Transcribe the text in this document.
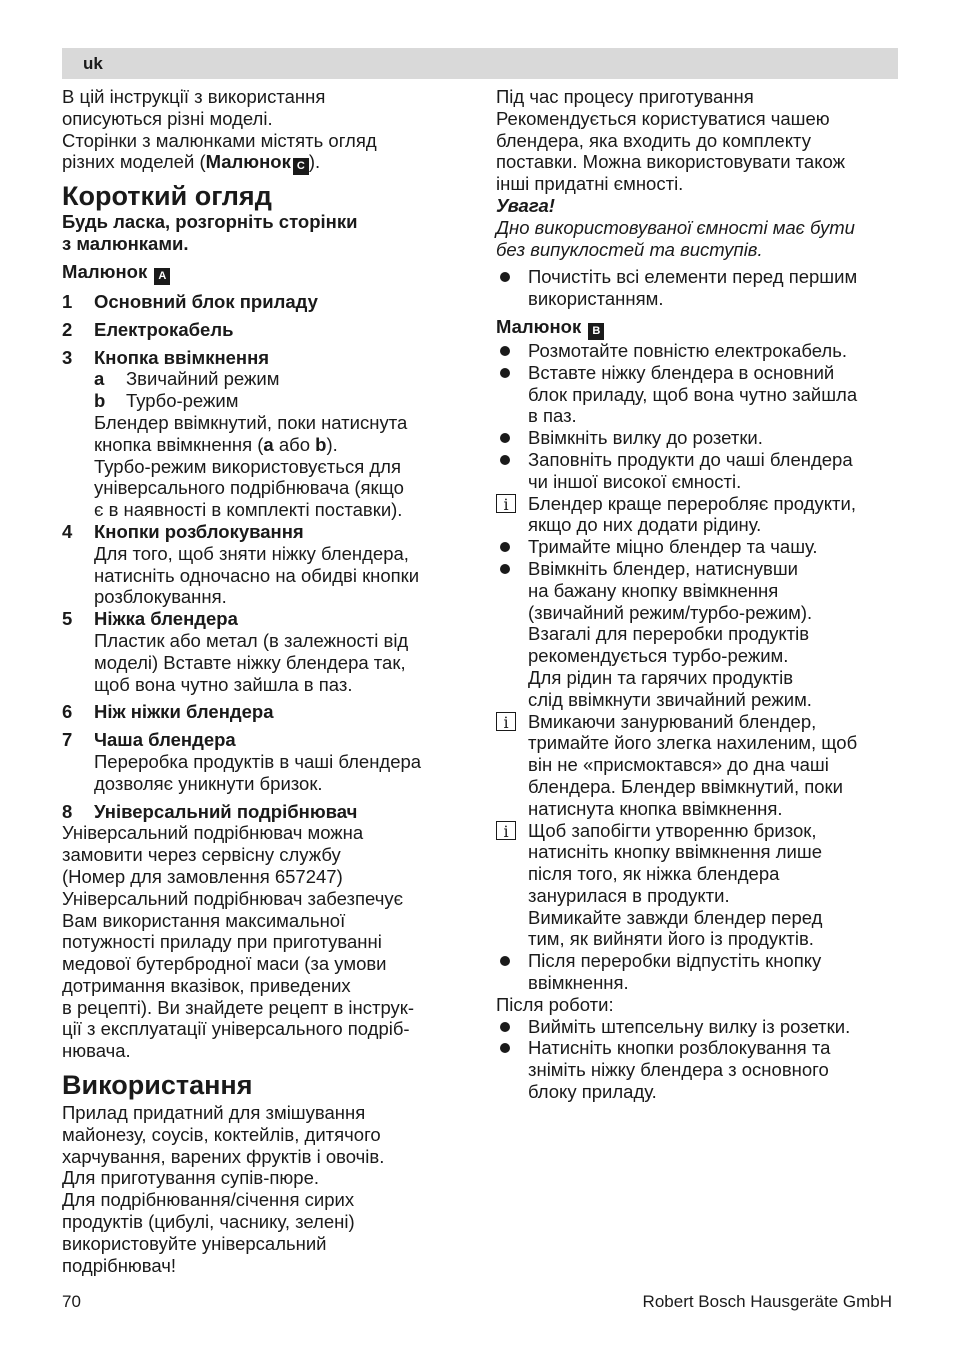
uk

В цій інструкції з використання

описуються різні моделі.

Сторінки з малюнками містять огляд

різних моделей (Малюнок C ).

Короткий огляд

Будь ласка, розгорніть сторінки

з малюнками.

Малюнок A

1	Основний блок приладу
2	Електрокабель
3	Кнопка ввімкнення
a	Звичайний режим
b	Турбо-режим

Блендер ввімкнутий, поки натиснута

кнопка ввімкнення (a або b).

Турбо-режим використовується для

універсального подрібнювача (якщо

є в наявності в комплекті поставки).

4	Кнопки розблокування

Для того, щоб зняти ніжку блендера,

натисніть одночасно на обидві кнопки

розблокування.

5	Ніжка блендера

Пластик або метал (в залежності від

моделі) Вставте ніжку блендера так,

щоб вона чутно зайшла в паз.

6	Ніж ніжки блендера
7	Чаша блендера

Переробка продуктів в чаші блендера

дозволяє уникнути бризок.

8	Універсальний подрібнювач

Універсальний подрібнювач можна

замовити через сервісну службу

(Номер для замовлення 657247)

Універсальний подрібнювач забезпечує

Вам використання максимальної

потужності приладу при приготуванні

медової бутербродної маси (за умови

дотримання вказівок, приведених

в рецепті). Ви знайдете рецепт в інструк-

ції з експлуатації універсального подріб-

нювача.

Використання

Прилад придатний для змішування

майонезу, соусів, коктейлів, дитячого

харчування, варених фруктів і овочів.

Для приготування супів-пюре.

Для подрібнювання/січення сирих

продуктів (цибулі, часнику, зелені)

використовуйте універсальний

подрібнювач!

Під час процесу приготування

Рекомендується користуватися чашею

блендера, яка входить до комплекту

поставки. Можна використовувати також

інші придатні ємності.

Увага!

Дно використовуваної ємності має бути

без випуклостей та виступів.

Почистіть всі елементи перед першим

використанням.

Малюнок B

Розмотайте повністю електрокабель.

Вставте ніжку блендера в основний

блок приладу, щоб вона чутно зайшла

в паз.

Ввімкніть вилку до розетки.

Заповніть продукти до чаші блендера

чи іншої високої ємності.

i	Блендер краще переробляє продукти,

якщо до них додати рідину.

Тримайте міцно блендер та чашу.

Ввімкніть блендер, натиснувши

на бажану кнопку ввімкнення

(звичайний режим/турбо-режим).

Взагалі для переробки продуктів

рекомендується турбо-режим.

Для рідин та гарячих продуктів

слід ввімкнути звичайний режим.

i	Вмикаючи занурюваний блендер,

тримайте його злегка нахиленим, щоб

він не «присмоктався» до дна чаші

блендера. Блендер ввімкнутий, поки

натиснута кнопка ввімкнення.

i	Щоб запобігти утворенню бризок,

натисніть кнопку ввімкнення лише

після того, як ніжка блендера

занурилася в продукти.

Вимикайте завжди блендер перед

тим, як вийняти його із продуктів.

Після переробки відпустіть кнопку

ввімкнення.

Після роботи:

Вийміть штепсельну вилку із розетки.

Натисніть кнопки розблокування та

зніміть ніжку блендера з основного

блоку приладу.

70	Robert Bosch Hausgeräte GmbH
